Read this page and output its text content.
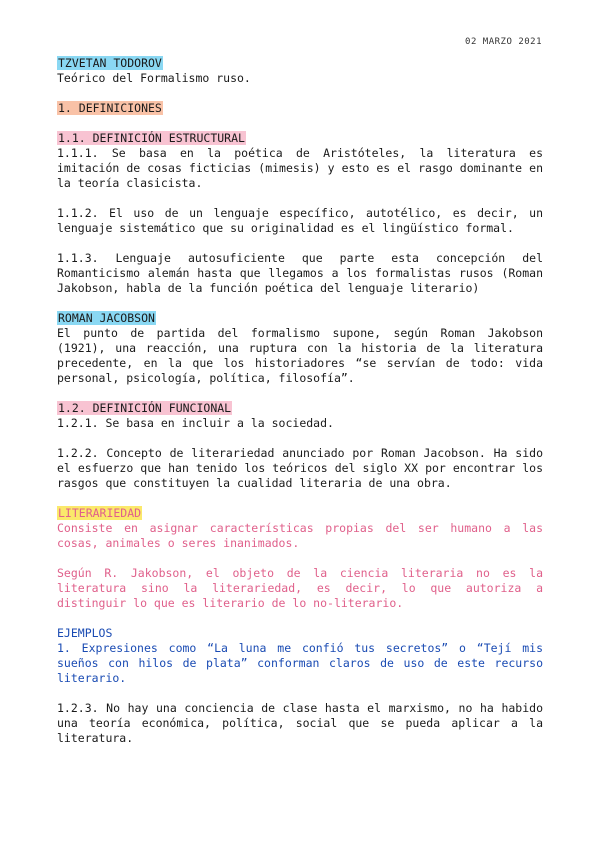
02 MARZO 2021
TZVETAN TODOROV

Teórico del Formalismo ruso.

1. DEFINICIONES
1.1. DEFINICIÓN ESTRUCTURAL

1.1.1. Se basa en la poética de Aristóteles, la literatura es imitación de cosas ficticias (mimesis) y esto es el rasgo dominante en la teoría clasicista.

1.1.2. El uso de un lenguaje específico, autotélico, es decir, un lenguaje sistemático que su originalidad es el lingüístico formal.

1.1.3. Lenguaje autosuficiente que parte esta concepción del Romanticismo alemán hasta que llegamos a los formalistas rusos (Roman Jakobson, habla de la función poética del lenguaje literario)

ROMAN JACOBSON

El punto de partida del formalismo supone, según Roman Jakobson (1921), una reacción, una ruptura con la historia de la literatura precedente, en la que los historiadores “se servían de todo: vida personal, psicología, política, filosofía”.

1.2. DEFINICIÓN FUNCIONAL

1.2.1. Se basa en incluir a la sociedad.

1.2.2. Concepto de literariedad anunciado por Roman Jacobson. Ha sido el esfuerzo que han tenido los teóricos del siglo XX por encontrar los rasgos que constituyen la cualidad literaria de una obra.

LITERARIEDAD

Consiste en asignar características propias del ser humano a las cosas, animales o seres inanimados.

Según R. Jakobson, el objeto de la ciencia literaria no es la literatura sino la literariedad, es decir, lo que autoriza a distinguir lo que es literario de lo no-literario.

EJEMPLOS

1. Expresiones como “La luna me confió tus secretos” o “Tejí mis sueños con hilos de plata” conforman claros de uso de este recurso literario.

1.2.3. No hay una conciencia de clase hasta el marxismo, no ha habido una teoría económica, política, social que se pueda aplicar a la literatura.
